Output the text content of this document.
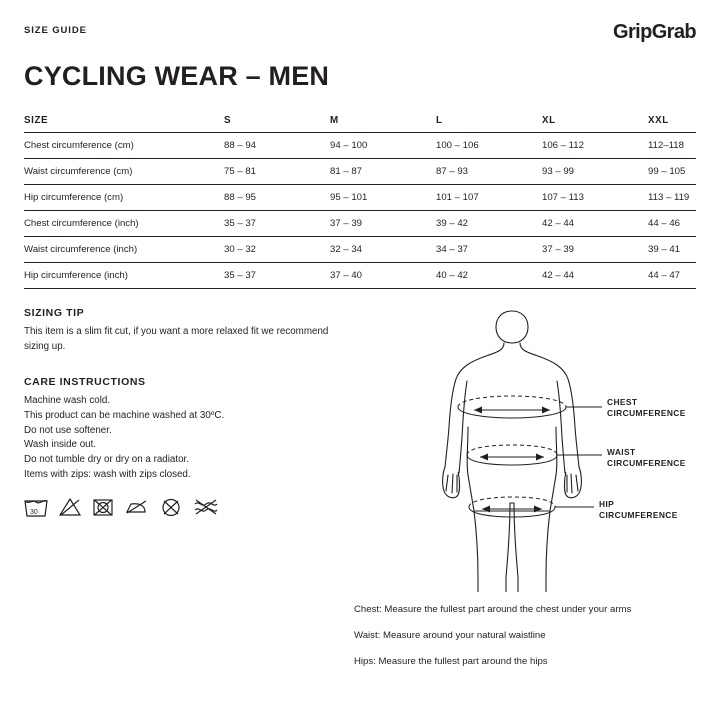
SIZE GUIDE	GripGrab
CYCLING WEAR – MEN
SIZE	S	M	L	XL	XXL
Chest circumference (cm)	88 – 94	94 – 100	100 – 106	106 – 112	112–118
Waist circumference (cm)	75 – 81	81 – 87	87 – 93	93 – 99	99 – 105
Hip circumference (cm)	88 – 95	95 – 101	101 – 107	107 – 113	113 – 119
Chest circumference (inch)	35 – 37	37 – 39	39 – 42	42 – 44	44 – 46
Waist circumference (inch)	30 – 32	32 – 34	34 – 37	37 – 39	39 – 41
Hip circumference (inch)	35 – 37	37 – 40	40 – 42	42 – 44	44 – 47
SIZING TIP
This item is a slim fit cut, if you want a more relaxed fit we recommend sizing up.
CARE INSTRUCTIONS
Machine wash cold.
This product can be machine washed at 30ºC.
Do not use softener.
Wash inside out.
Do not tumble dry or dry on a radiator.
Items with zips: wash with zips closed.
30
CHEST
CIRCUMFERENCE
WAIST
CIRCUMFERENCE
HIP
CIRCUMFERENCE
Chest: Measure the fullest part around the chest under your arms
Waist: Measure around your natural waistline
Hips: Measure the fullest part around the hips
